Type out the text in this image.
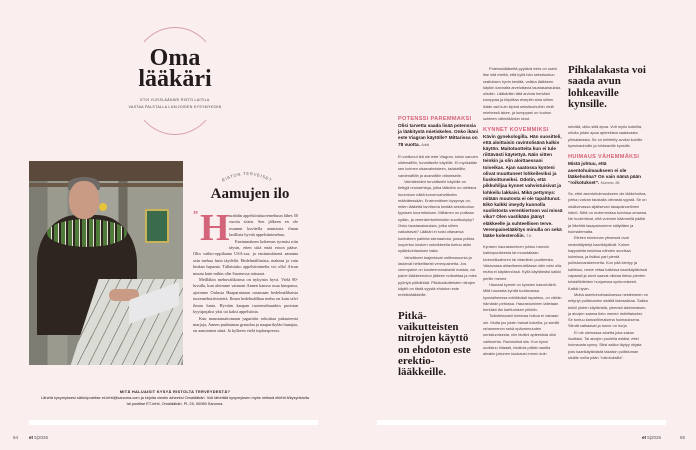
Oma
lääkäri
ET:N YLEISLÄÄKÄRI RISTO LAITILA
VASTAA PALSTALLA LUKIJOIDEN KYSYMYKSIIN
RISTON TERVEISET
Aamujen ilo
” H urahdin appelsiinituoremehuun lähes 50 vuotta sitten. Sen jälkeen en ole osannut kuvitella aamiaista ilman lasillista hyvää appelsiinimehua.

Ensimmäinen kokemus tyrmäsi niin täysin, etten siitä enää eroon pääse. Olin vaihto-oppilaana USA:ssa, ja ensimmäisenä aamuna sain mehua lasin täydeltä. Hedelmälihaista, makeaa ja vain hiukan hapanta. Tällaistako appelsiinimehu voi olla! Aivan muuta kuin mihin olin Suomessa tottunut.

Meilläkin mehuvalikoima on nykyisin hyvä. Vielä 80-luvulla, kun aloimme vaimoni Annen kanssa asua kimpassa, ajoimme Oulusta Haaparantaan ostamaan hedelmälihaisia tuoremehutiivisteitä. Ilman hedelmälihaa mehu on kuin talvi ilman lunta. Hyvään kaupan tuoremehuunkin puristan kyytipojaksi yksi tai kaksi appelsiinia.

Kun maustamattomaan jugurttiin sekoittaa pakasteesta marjoja, Annen paahtamaa granolaa ja naapurikylän hunajaa, on aamiainen siinä. Ja kylkeen vielä tuplaespresso.

MITÄ HALUAISIT KYSYÄ RISTOLTA TERVEYDESTÄ?
Lähetä kysymyksesi sähköpostitse et-lehti@sanoma.com ja kirjoita viestin aiheeksi Omalääkäri. Voit lähettää kysymyksen myös netissä etlehti.fi/kysyristolta tai postitse ET-lehti, Omalääkäri, PL 25, 00089 Sanoma.
64 et 5|2026	et 5|2026	65
POTENSSI PAREMMAKSI
Olisi tarvetta saada lisää potenssia ja lääkitystä mietiskelen. Onko ikäni este Viagran käytölle? Mittarissa on 78 vuotta. Arkki

Ei varttunut ikä ole este Viagran, toisin sanoen sildenafiilin, turvalliselle käytölle. Ei myöskään sen kolmen sisarvalmisteen, tadalafiilin, vardenafiilin ja avanafiilin ottamiselle.

Valmisteiden turvalliselle käytölle on tiettyjä reunaehtoja, jotka lääkärin on otettava huomioon näitä korvenvahvikkeita määrätessään. Ensimmäinen kysymys on, miten lääkettä tarvitseva kestää seksitouhun fyysisen kuormituksen. Millainen on potilaan sydän- ja verenkiertoelimistön suorituskyky? Onko taustasairauksia, jotka siihen vaikuttavat? Lääkäri ei soisi ottavansa kontolleen pahinta skenaariota, jossa potilas luupertuu kesken vahvikkeella tuetun aktin sydänkohtauksen takia.

Vahvikkeet laajentavat valtimosuonia ja laskevat hetkellisesti verenpainetta. Jos verenpaine on luonteenomaisesti matala, voi paine lääkkeenoton jälkeen notkahtaa ja mies pyörtyä pötkähtää. Pitkävaikutteisten nitrojen käyttö on tästä syystä ehdoton este erektiolääkkeille.

Pitkä-vaikutteisten nitrojen käyttö on ehdoton este erektio-lääkkeille.

Potenssilääkettä pyytävä mies on usein itse sitä mieltä, että kyllä hän seksitouhun rasituksen hyvin kestää, vaikka lääkkeen käytön kannalta arveluttavia taustasairauksia olisikin. Lääkärikin tätä arviota herkästi komppaa ja kirjoittaa reseptin aina siihen ikään asti kuin kipinä seksitouhuihin vielä miehessä iskee, ja kumppani on touhun suhteen vähintäänkin sinut.

KYNNET KOVEMMIKSI
Kävin gynekologilla. Hän suositteli, että aloittaisin ravintolisänä kalkin käytön. Maitotuotteita kun ei tule riittävästi käytettyä. Näin sitten teinkin ja olin aloittaessani toiveikas. Ajan saatossa kynteni olivat muuttuneet lohkeileviksi ja liuskoittuneiksi. Odotin, että pikkuhiljaa kynnet vahvistuisivat ja lohkeilu lakkaisi. Mikä pettymys: mitään muutosta ei ole tapahtunut. Eikö kalkki imeydy kunnolla suolistosta verenkiertoon vai missä vika? Olen vastikään jäänyt eläkkeelle ja suhteellisen terve. Verenpainelääkitys minulla on sekä lääke kolesteroliin. T.K.

Kynsien haurastuminen johtuu harvoin kalkinpuutteesta tai muustakaan kivennäisaineen tai vitamiinin puutteesta. Vakavassa aliravitsemustilassa näin voisi olla, mutta ei käytännössä. Kyllä käyttämäsi kalkki perille menee.

Hauraat kynnet on kynsien kasvuhäiriö. Mitä haurasta kynttä tuottavassa kynsialheessa edeltävästi tapahtuu, on vähän hämärän peitossa. Haurastuminen laitetaan herkästi iän karttumisen piikkiin.

Todistetavasti toimivaa hoitoa ei vaivaan ole. Mutta jos jotain haluat kokeilla, ja siedät rahanmenon sekä epävarmuuden onnistumisesta, niin biotiini apteekista olisi vaihtoehto. Ravintolisä siis. Kun kynsi uudistuu hitaasti, biotiinia pitäisi nauttia ainakin jokunen kuukausi ennen kuin

Pihkalakasta voi saada avun lohkeaville kynsille.

selviää, oliko siitä apua. Voit myös kokeilla, olisiko jotain apua apteekista saatavasta pihkalakasta. Se on kehitetty avuksi kuiville kynsinauhoille ja lohkeaville kynsille.

HUIMAUS VÄHEMMÄKSI
Mistä johtuu, että asentohuimaukseen ei ole lääkehoitoa? On vain nämä pään “roikotukset”. Mummo, 85

Se, ettei asentohuimaukseen ole lääkehoitoa, johtuu vaivan taustalla olevasta syystä. Se on sisäkorvassa sijaitsevan tasapainoelimen häiriö. Niitä on molemmissa korvissa omansa. Ne huolehtivat, että voimme käännellä päätä ja liikehtiä tasapainomme säilyttäen ja huimailematta.

Elinten toiminnan ytimessä ovat nesteätäytetyt kaarikäytävät. Kolme kappaletta toisiinsa nähden suorissa kulmissa, ja lisäksi pari pientä pullistumarakennetta. Kun pää kiertyy ja kallistuu, neste virtaa kaikissa kaarikäytävissä vapaasti ja aivot saavat oikeaa tietoa pienten kristallikiteiden huojuessa synkronisesti. Kaikki hyvin.

Mutta asentohuimauksessa nesteeseen on eritynyt pullistumien sisältä kidesakkaa. Sakka tukkii yhden käytävistä, yleensä takimmaisen, ja aivojen saama tieto menee ristiriitaiseksi. Se tuntuu karusellimaisena huimauksena. Silmät vatkaavat ja tunne on hurja.

Ei ole olemassa ainetta joka sakan liuottaisi. Tai aivojen puolella estäisi, ettei huimausta synny. Siksi sakka täytyy ohjata pois kaarikäytävästä takaisin pullistuman sisälle noilla pään “roikotuksilla”.
